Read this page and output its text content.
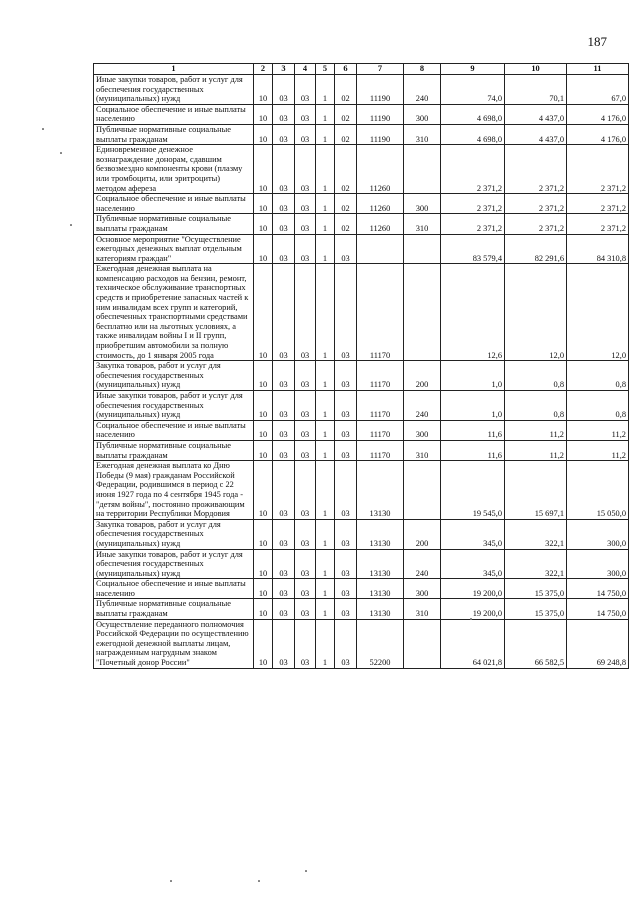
187
1	2	3	4	5	6	7	8	9	10	11
Иные закупки товаров, работ и услуг для обеспечения государственных (муниципальных) нужд	10	03	03	1	02	11190	240	74,0	70,1	67,0
Социальное обеспечение и иные выплаты населению	10	03	03	1	02	11190	300	4 698,0	4 437,0	4 176,0
Публичные нормативные социальные выплаты гражданам	10	03	03	1	02	11190	310	4 698,0	4 437,0	4 176,0
Единовременное денежное вознаграждение донорам, сдавшим безвозмездно компоненты крови (плазму или тромбоциты, или эритроциты) методом афереза	10	03	03	1	02	11260		2 371,2	2 371,2	2 371,2
Социальное обеспечение и иные выплаты населению	10	03	03	1	02	11260	300	2 371,2	2 371,2	2 371,2
Публичные нормативные социальные выплаты гражданам	10	03	03	1	02	11260	310	2 371,2	2 371,2	2 371,2
Основное мероприятие "Осуществление ежегодных денежных выплат отдельным категориям граждан"	10	03	03	1	03			83 579,4	82 291,6	84 310,8
Ежегодная денежная выплата на компенсацию расходов на бензин, ремонт, техническое обслуживание транспортных средств и приобретение запасных частей к ним инвалидам всех групп и категорий, обеспеченных транспортными средствами бесплатно или на льготных условиях, а также инвалидам войны I и II групп, приобретшим автомобили за полную стоимость, до 1 января 2005 года	10	03	03	1	03	11170		12,6	12,0	12,0
Закупка товаров, работ и услуг для обеспечения государственных (муниципальных) нужд	10	03	03	1	03	11170	200	1,0	0,8	0,8
Иные закупки товаров, работ и услуг для обеспечения государственных (муниципальных) нужд	10	03	03	1	03	11170	240	1,0	0,8	0,8
Социальное обеспечение и иные выплаты населению	10	03	03	1	03	11170	300	11,6	11,2	11,2
Публичные нормативные социальные выплаты гражданам	10	03	03	1	03	11170	310	11,6	11,2	11,2
Ежегодная денежная выплата ко Дню Победы (9 мая) гражданам Российской Федерации, родившимся в период с 22 июня 1927 года по 4 сентября 1945 года - "детям войны", постоянно проживающим на территории Республики Мордовия	10	03	03	1	03	13130		19 545,0	15 697,1	15 050,0
Закупка товаров, работ и услуг для обеспечения государственных (муниципальных) нужд	10	03	03	1	03	13130	200	345,0	322,1	300,0
Иные закупки товаров, работ и услуг для обеспечения государственных (муниципальных) нужд	10	03	03	1	03	13130	240	345,0	322,1	300,0
Социальное обеспечение и иные выплаты населению	10	03	03	1	03	13130	300	19 200,0	15 375,0	14 750,0
Публичные нормативные социальные выплаты гражданам	10	03	03	1	03	13130	310	19 200,0	15 375,0	14 750,0
Осуществление переданного полномочия Российской Федерации по осуществлению ежегодной денежной выплаты лицам, награжденным нагрудным знаком "Почетный донор России"	10	03	03	1	03	52200		64 021,8	66 582,5	69 248,8
